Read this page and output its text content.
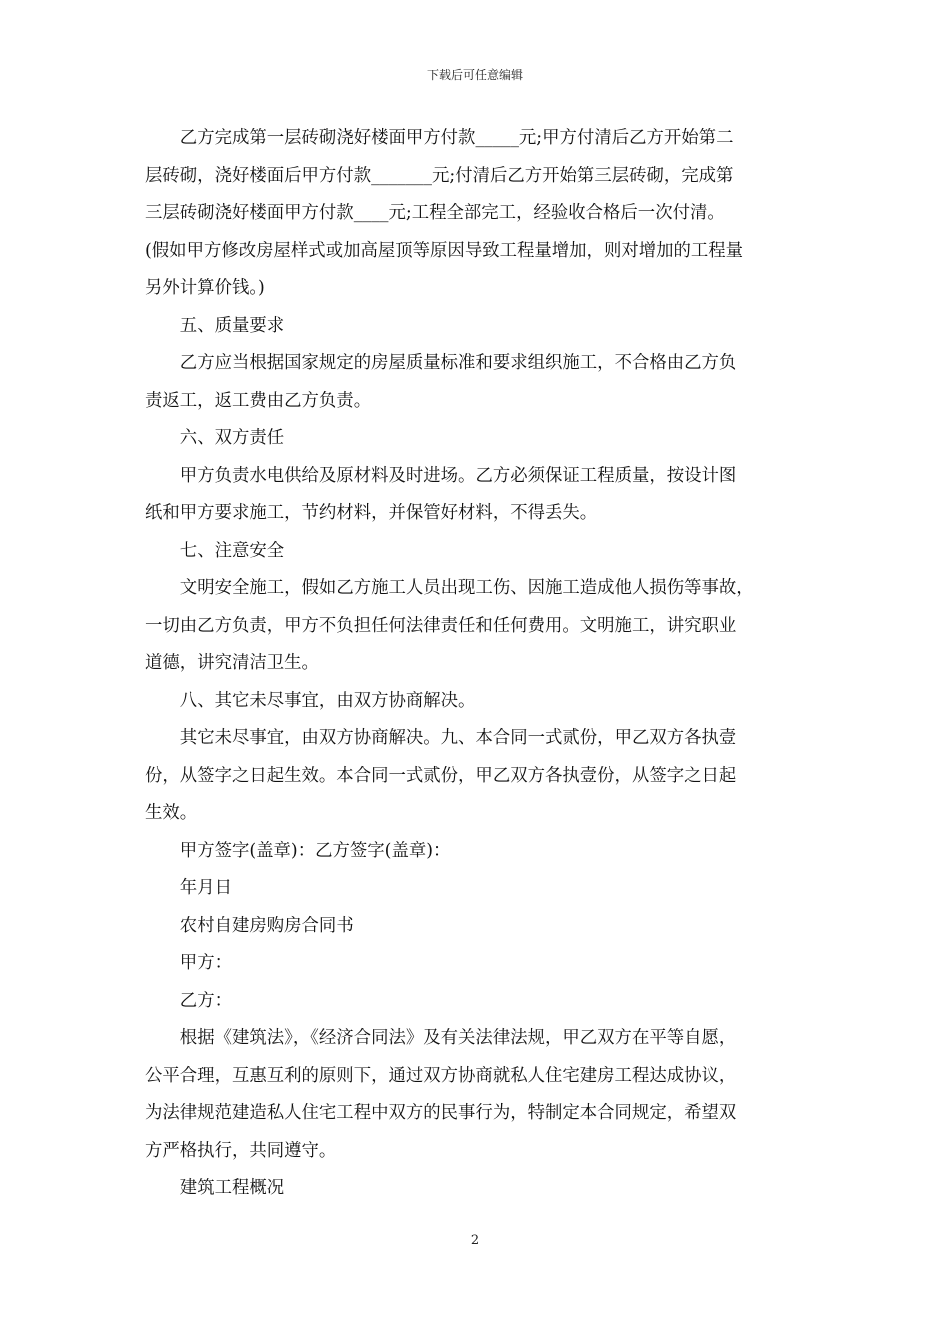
下载后可任意编辑
乙方完成第一层砖砌浇好楼面甲方付款_____元;甲方付清后乙方开始第二
层砖砌，浇好楼面后甲方付款_______元;付清后乙方开始第三层砖砌，完成第
三层砖砌浇好楼面甲方付款____元;工程全部完工，经验收合格后一次付清。
(假如甲方修改房屋样式或加高屋顶等原因导致工程量增加，则对增加的工程量
另外计算价钱。)
五、质量要求
乙方应当根据国家规定的房屋质量标准和要求组织施工，不合格由乙方负
责返工，返工费由乙方负责。
六、双方责任
甲方负责水电供给及原材料及时进场。乙方必须保证工程质量，按设计图
纸和甲方要求施工，节约材料，并保管好材料，不得丢失。
七、注意安全
文明安全施工，假如乙方施工人员出现工伤、因施工造成他人损伤等事故，
一切由乙方负责，甲方不负担任何法律责任和任何费用。文明施工，讲究职业
道德，讲究清洁卫生。
八、其它未尽事宜，由双方协商解决。
其它未尽事宜，由双方协商解决。九、本合同一式贰份，甲乙双方各执壹
份，从签字之日起生效。本合同一式贰份，甲乙双方各执壹份，从签字之日起
生效。
甲方签字(盖章)：乙方签字(盖章)：
年月日
农村自建房购房合同书
甲方：
乙方：
根据《建筑法》，《经济合同法》及有关法律法规，甲乙双方在平等自愿，
公平合理，互惠互利的原则下，通过双方协商就私人住宅建房工程达成协议，
为法律规范建造私人住宅工程中双方的民事行为，特制定本合同规定，希望双
方严格执行，共同遵守。
建筑工程概况
2
